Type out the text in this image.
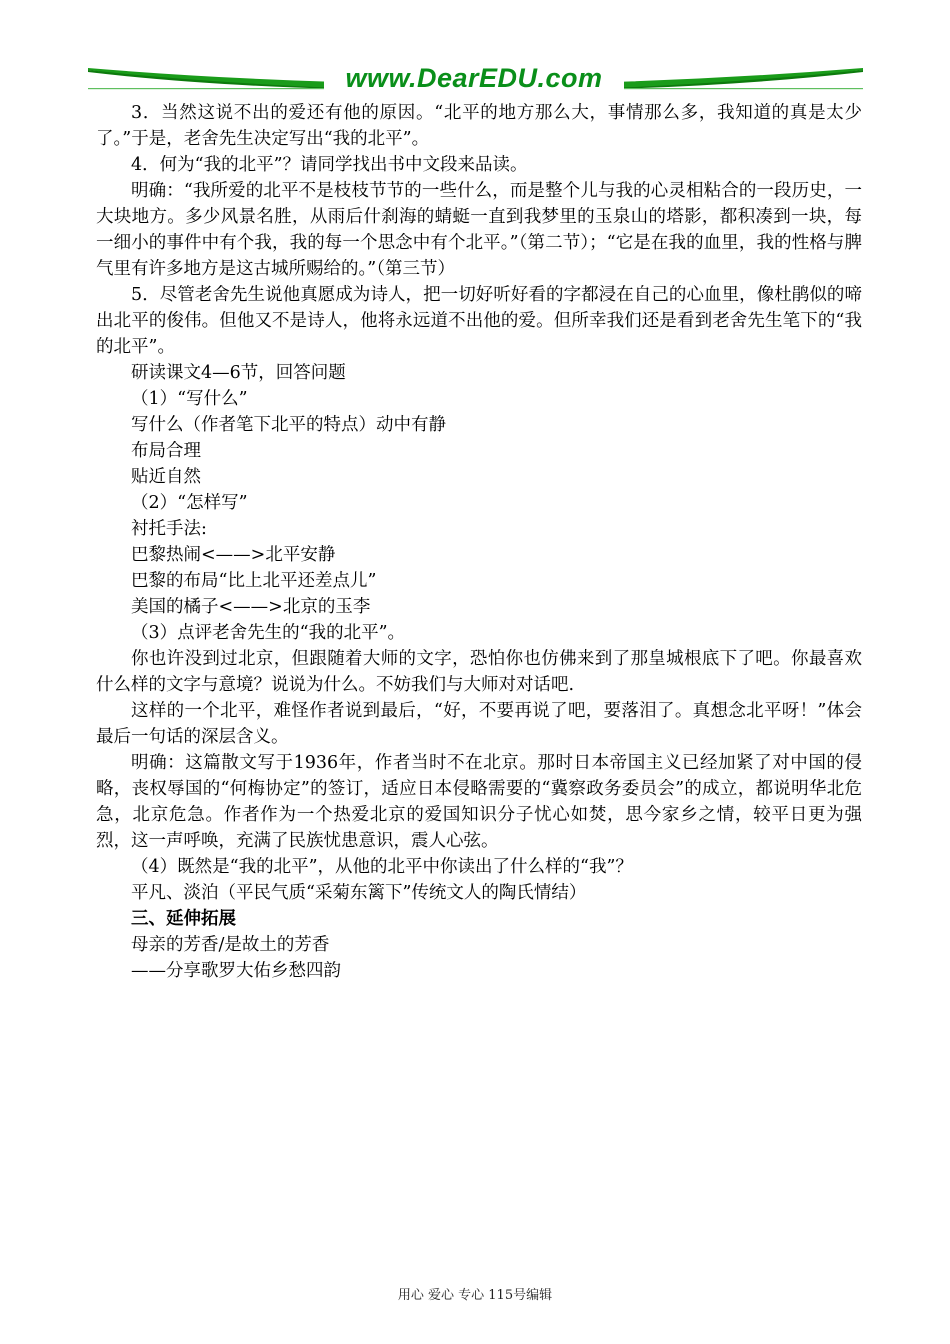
www.DearEDU.com

3．当然这说不出的爱还有他的原因。“北平的地方那么大，事情那么多，我知道的真是太少了。”于是，老舍先生决定写出“我的北平”。

4．何为“我的北平”？请同学找出书中文段来品读。

明确：“我所爱的北平不是枝枝节节的一些什么，而是整个儿与我的心灵相粘合的一段历史，一大块地方。多少风景名胜，从雨后什刹海的蜻蜓一直到我梦里的玉泉山的塔影，都积凑到一块，每一细小的事件中有个我，我的每一个思念中有个北平。”（第二节）；“它是在我的血里，我的性格与脾气里有许多地方是这古城所赐给的。”（第三节）

5．尽管老舍先生说他真愿成为诗人，把一切好听好看的字都浸在自己的心血里，像杜鹃似的啼出北平的俊伟。但他又不是诗人，他将永远道不出他的爱。但所幸我们还是看到老舍先生笔下的“我的北平”。

研读课文4—6节，回答问题

（1）“写什么”

写什么（作者笔下北平的特点）动中有静

布局合理

贴近自然

（2）“怎样写”

衬托手法:

巴黎热闹<——>北平安静

巴黎的布局“比上北平还差点儿”

美国的橘子<——>北京的玉李

（3）点评老舍先生的“我的北平”。

你也许没到过北京，但跟随着大师的文字，恐怕你也仿佛来到了那皇城根底下了吧。你最喜欢什么样的文字与意境？说说为什么。不妨我们与大师对对话吧.

这样的一个北平，难怪作者说到最后，“好，不要再说了吧，要落泪了。真想念北平呀！”体会最后一句话的深层含义。

明确：这篇散文写于1936年，作者当时不在北京。那时日本帝国主义已经加紧了对中国的侵略，丧权辱国的“何梅协定”的签订，适应日本侵略需要的“冀察政务委员会”的成立，都说明华北危急，北京危急。作者作为一个热爱北京的爱国知识分子忧心如焚，思今家乡之情，较平日更为强烈，这一声呼唤，充满了民族忧患意识，震人心弦。

（4）既然是“我的北平”，从他的北平中你读出了什么样的“我”？

平凡、淡泊（平民气质“采菊东篱下”传统文人的陶氏情结）

三、延伸拓展

母亲的芳香/是故土的芳香

——分享歌罗大佑乡愁四韵

用心 爱心 专心 115号编辑
